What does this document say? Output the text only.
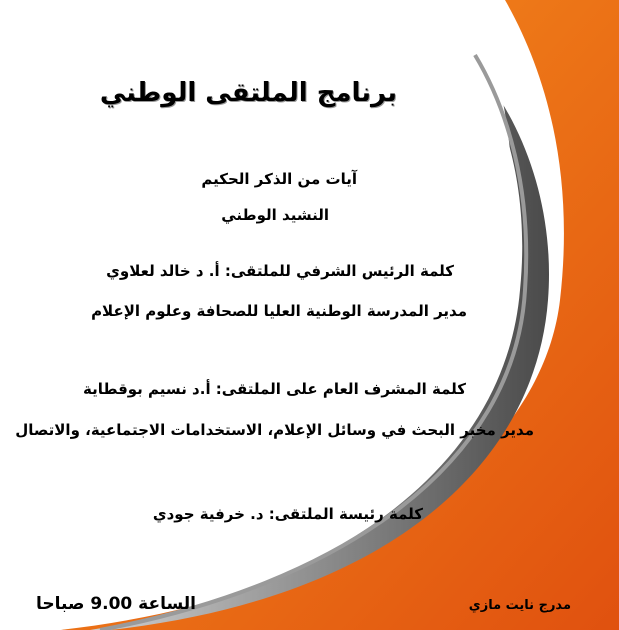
برنامج الملتقى الوطني
آيات من الذكر الحكيم
النشيد الوطني
كلمة الرئيس الشرفي للملتقى: أ. د خالد لعلاوي
مدير المدرسة الوطنية العليا للصحافة وعلوم الإعلام
كلمة المشرف العام على الملتقى: أ.د نسيم بوقطاية
مدير مخبر البحث في وسائل الإعلام، الاستخدامات الاجتماعية، والاتصال
كلمة رئيسة الملتقى: د. خرفية جودي
الساعة 9.00 صباحا	مدرج نايت مازي
